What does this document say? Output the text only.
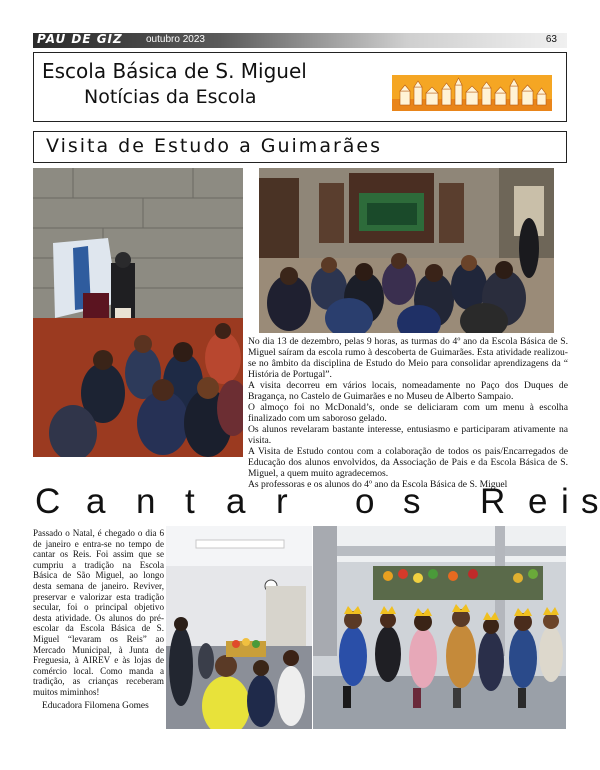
PAU DE GIZ outubro 2023	63
Escola Básica de S. Miguel
Notícias da Escola
Visita de Estudo a Guimarães

No dia 13 de dezembro, pelas 9 horas, as turmas do 4º ano da Escola Básica de S. Miguel saíram da escola rumo à descoberta de Guimarães. Esta atividade realizou- se no âmbito da disciplina de Estudo do Meio para consolidar aprendizagens da “ História de Portugal”.

A visita decorreu em vários locais, nomeadamente no Paço dos Duques de Bragança, no Castelo de Guimarães e no Museu de Alberto Sampaio.

O almoço foi no McDonald’s, onde se deliciaram com um menu à escolha finalizado com um saboroso gelado.

Os alunos revelaram bastante interesse, entusiasmo e participaram ativamente na visita.

A Visita de Estudo contou com a colaboração de todos os pais/Encarregados de Educação dos alunos envolvidos, da Associação de Pais e da Escola Básica de S. Miguel, a quem muito agradecemos.

As professoras e os alunos do 4º ano da Escola Básica de S. Miguel

C a n t a r o s R e i s
Passado o Natal, é chegado o dia 6 de janeiro e entra-se no tempo de cantar os Reis. Foi assim que se cumpriu a tradição na Escola Básica de São Miguel, ao longo desta semana de janeiro. Reviver, preservar e valorizar esta tradição secular, foi o principal objetivo desta atividade. Os alunos do pré-escolar da Escola Básica de S. Miguel “levaram os Reis” ao Mercado Municipal, à Junta de Freguesia, à AIREV e às lojas de comércio local. Como manda a tradição, as crianças receberam muitos miminhos!
Educadora Filomena Gomes
